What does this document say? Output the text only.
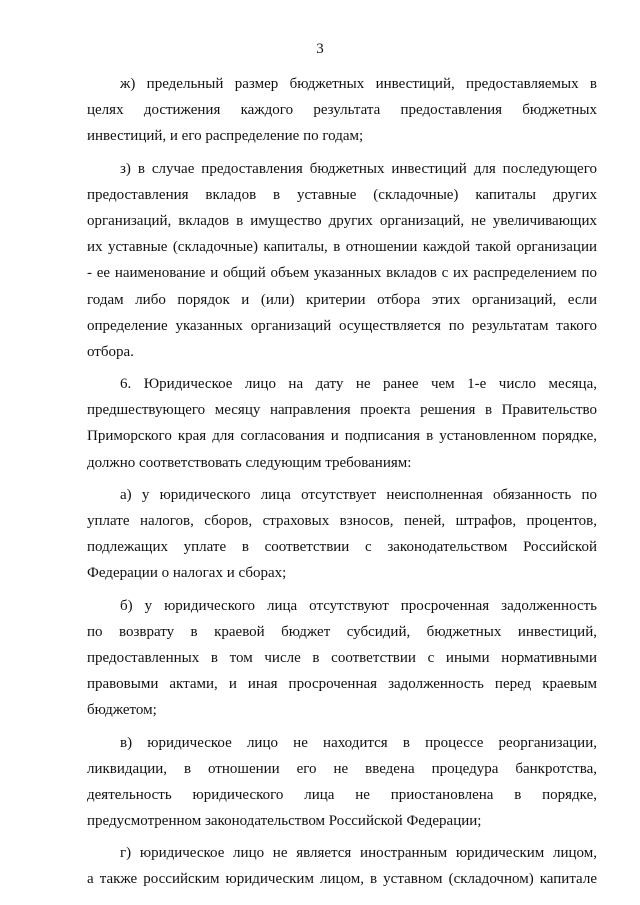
3
ж) предельный размер бюджетных инвестиций, предоставляемых в
целях достижения каждого результата предоставления бюджетных
инвестиций, и его распределение по годам;
з) в случае предоставления бюджетных инвестиций для последующего
предоставления вкладов в уставные (складочные) капиталы других
организаций, вкладов в имущество других организаций, не увеличивающих
их уставные (складочные) капиталы, в отношении каждой такой организации
- ее наименование и общий объем указанных вкладов с их распределением по
годам либо порядок и (или) критерии отбора этих организаций, если
определение указанных организаций осуществляется по результатам такого
отбора.
6. Юридическое лицо на дату не ранее чем 1-е число месяца,
предшествующего месяцу направления проекта решения в Правительство
Приморского края для согласования и подписания в установленном порядке,
должно соответствовать следующим требованиям:
а) у юридического лица отсутствует неисполненная обязанность по
уплате налогов, сборов, страховых взносов, пеней, штрафов, процентов,
подлежащих уплате в соответствии с законодательством Российской
Федерации о налогах и сборах;
б) у юридического лица отсутствуют просроченная задолженность
по возврату в краевой бюджет субсидий, бюджетных инвестиций,
предоставленных в том числе в соответствии с иными нормативными
правовыми актами, и иная просроченная задолженность перед краевым
бюджетом;
в) юридическое лицо не находится в процессе реорганизации,
ликвидации, в отношении его не введена процедура банкротства,
деятельность юридического лица не приостановлена в порядке,
предусмотренном законодательством Российской Федерации;
г) юридическое лицо не является иностранным юридическим лицом,
а также российским юридическим лицом, в уставном (складочном) капитале
